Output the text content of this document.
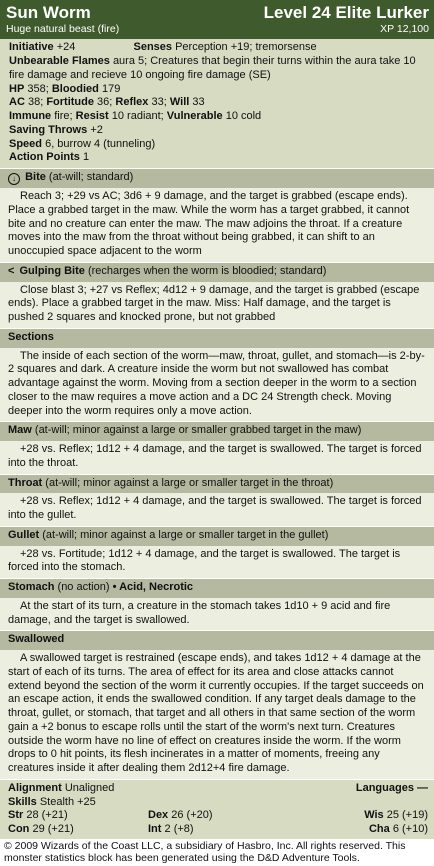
Sun Worm	Level 24 Elite Lurker
Huge natural beast (fire)	XP 12,100
Initiative +24	Senses Perception +19; tremorsense
Unbearable Flames aura 5; Creatures that begin their turns within the aura take 10 fire damage and recieve 10 ongoing fire damage (SE)
HP 358; Bloodied 179
AC 38; Fortitude 36; Reflex 33; Will 33
Immune fire; Resist 10 radiant; Vulnerable 10 cold
Saving Throws +2
Speed 6, burrow 4 (tunneling)
Action Points 1
↓ Bite (at-will; standard)
Reach 3; +29 vs AC; 3d6 + 9 damage, and the target is grabbed (escape ends). Place a grabbed target in the maw. While the worm has a target grabbed, it cannot bite and no creature can enter the maw. The maw adjoins the throat. If a creature moves into the maw from the throat without being grabbed, it can shift to an unoccupied space adjacent to the worm
< Gulping Bite (recharges when the worm is bloodied; standard)
Close blast 3; +27 vs Reflex; 4d12 + 9 damage, and the target is grabbed (escape ends). Place a grabbed target in the maw. Miss: Half damage, and the target is pushed 2 squares and knocked prone, but not grabbed
Sections
The inside of each section of the worm—maw, throat, gullet, and stomach—is 2-by-2 squares and dark. A creature inside the worm but not swallowed has combat advantage against the worm. Moving from a section deeper in the worm to a section closer to the maw requires a move action and a DC 24 Strength check. Moving deeper into the worm requires only a move action.
Maw (at-will; minor against a large or smaller grabbed target in the maw)
+28 vs. Reflex; 1d12 + 4 damage, and the target is swallowed. The target is forced into the throat.
Throat (at-will; minor against a large or smaller target in the throat)
+28 vs. Reflex; 1d12 + 4 damage, and the target is swallowed. The target is forced into the gullet.
Gullet (at-will; minor against a large or smaller target in the gullet)
+28 vs. Fortitude; 1d12 + 4 damage, and the target is swallowed. The target is forced into the stomach.
Stomach (no action) • Acid, Necrotic
At the start of its turn, a creature in the stomach takes 1d10 + 9 acid and fire damage, and the target is swallowed.
Swallowed
A swallowed target is restrained (escape ends), and takes 1d12 + 4 damage at the start of each of its turns. The area of effect for its area and close attacks cannot extend beyond the section of the worm it currently occupies. If the target succeeds on an escape action, it ends the swallowed condition. If any target deals damage to the throat, gullet, or stomach, that target and all others in that same section of the worm gain a +2 bonus to escape rolls until the start of the worm's next turn. Creatures outside the worm have no line of effect on creatures inside the worm. If the worm drops to 0 hit points, its flesh incinerates in a matter of moments, freeing any creatures inside it after dealing them 2d12+4 fire damage.
Alignment Unaligned	Languages —
Skills Stealth +25
Str 28 (+21)	Dex 26 (+20)	Wis 25 (+19)
Con 29 (+21)	Int 2 (+8)	Cha 6 (+10)
© 2009 Wizards of the Coast LLC, a subsidiary of Hasbro, Inc. All rights reserved. This monster statistics block has been generated using the D&D Adventure Tools.
